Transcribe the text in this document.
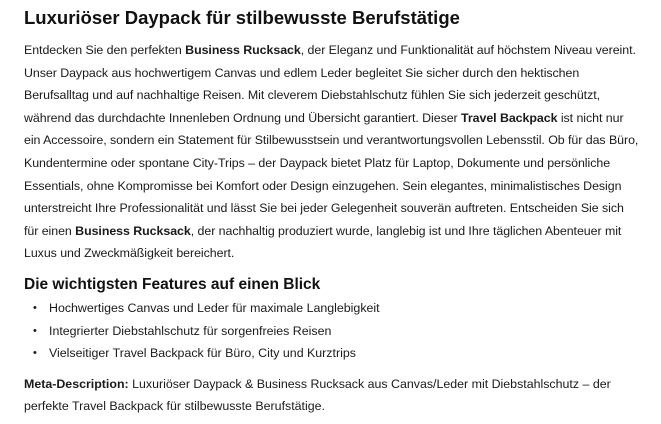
Luxuriöser Daypack für stilbewusste Berufstätige

Entdecken Sie den perfekten Business Rucksack, der Eleganz und Funktionalität auf höchstem Niveau vereint. Unser Daypack aus hochwertigem Canvas und edlem Leder begleitet Sie sicher durch den hektischen Berufsalltag und auf nachhaltige Reisen. Mit cleverem Diebstahlschutz fühlen Sie sich jederzeit geschützt, während das durchdachte Innenleben Ordnung und Übersicht garantiert. Dieser Travel Backpack ist nicht nur ein Accessoire, sondern ein Statement für Stilbewusstsein und verantwortungsvollen Lebensstil. Ob für das Büro, Kundentermine oder spontane City-Trips – der Daypack bietet Platz für Laptop, Dokumente und persönliche Essentials, ohne Kompromisse bei Komfort oder Design einzugehen. Sein elegantes, minimalistisches Design unterstreicht Ihre Professionalität und lässt Sie bei jeder Gelegenheit souverän auftreten. Entscheiden Sie sich für einen Business Rucksack, der nachhaltig produziert wurde, langlebig ist und Ihre täglichen Abenteuer mit Luxus und Zweckmäßigkeit bereichert.

Die wichtigsten Features auf einen Blick
• Hochwertiges Canvas und Leder für maximale Langlebigkeit
• Integrierter Diebstahlschutz für sorgenfreies Reisen
• Vielseitiger Travel Backpack für Büro, City und Kurztrips

Meta-Description: Luxuriöser Daypack & Business Rucksack aus Canvas/Leder mit Diebstahlschutz – der perfekte Travel Backpack für stilbewusste Berufstätige.
